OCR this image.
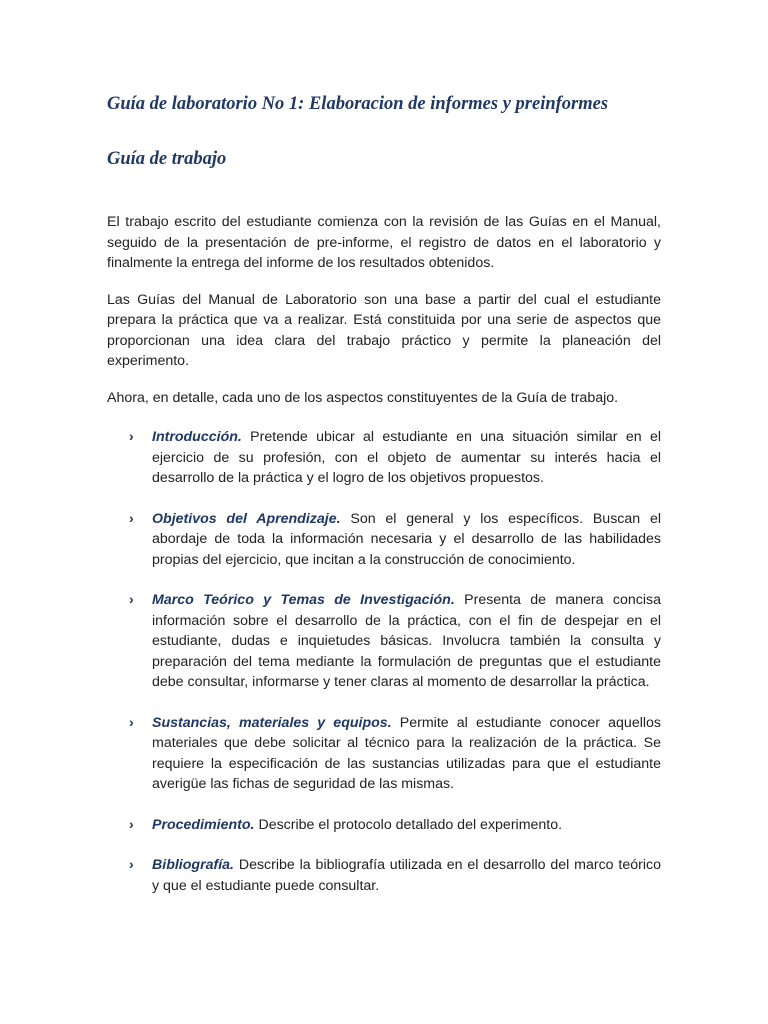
Guía de laboratorio No 1: Elaboracion de informes y preinformes
Guía de trabajo

El trabajo escrito del estudiante comienza con la revisión de las Guías en el Manual, seguido de la presentación de pre-informe, el registro de datos en el laboratorio y finalmente la entrega del informe de los resultados obtenidos.

Las Guías del Manual de Laboratorio son una base a partir del cual el estudiante prepara la práctica que va a realizar. Está constituida por una serie de aspectos que proporcionan una idea clara del trabajo práctico y permite la planeación del experimento.

Ahora, en detalle, cada uno de los aspectos constituyentes de la Guía de trabajo.

› Introducción. Pretende ubicar al estudiante en una situación similar en el ejercicio de su profesión, con el objeto de aumentar su interés hacia el desarrollo de la práctica y el logro de los objetivos propuestos.
› Objetivos del Aprendizaje. Son el general y los específicos. Buscan el abordaje de toda la información necesaria y el desarrollo de las habilidades propias del ejercicio, que incitan a la construcción de conocimiento.
› Marco Teórico y Temas de Investigación. Presenta de manera concisa información sobre el desarrollo de la práctica, con el fin de despejar en el estudiante, dudas e inquietudes básicas. Involucra también la consulta y preparación del tema mediante la formulación de preguntas que el estudiante debe consultar, informarse y tener claras al momento de desarrollar la práctica.
› Sustancias, materiales y equipos. Permite al estudiante conocer aquellos materiales que debe solicitar al técnico para la realización de la práctica. Se requiere la especificación de las sustancias utilizadas para que el estudiante averigüe las fichas de seguridad de las mismas.
› Procedimiento. Describe el protocolo detallado del experimento.
› Bibliografía. Describe la bibliografía utilizada en el desarrollo del marco teórico y que el estudiante puede consultar.
